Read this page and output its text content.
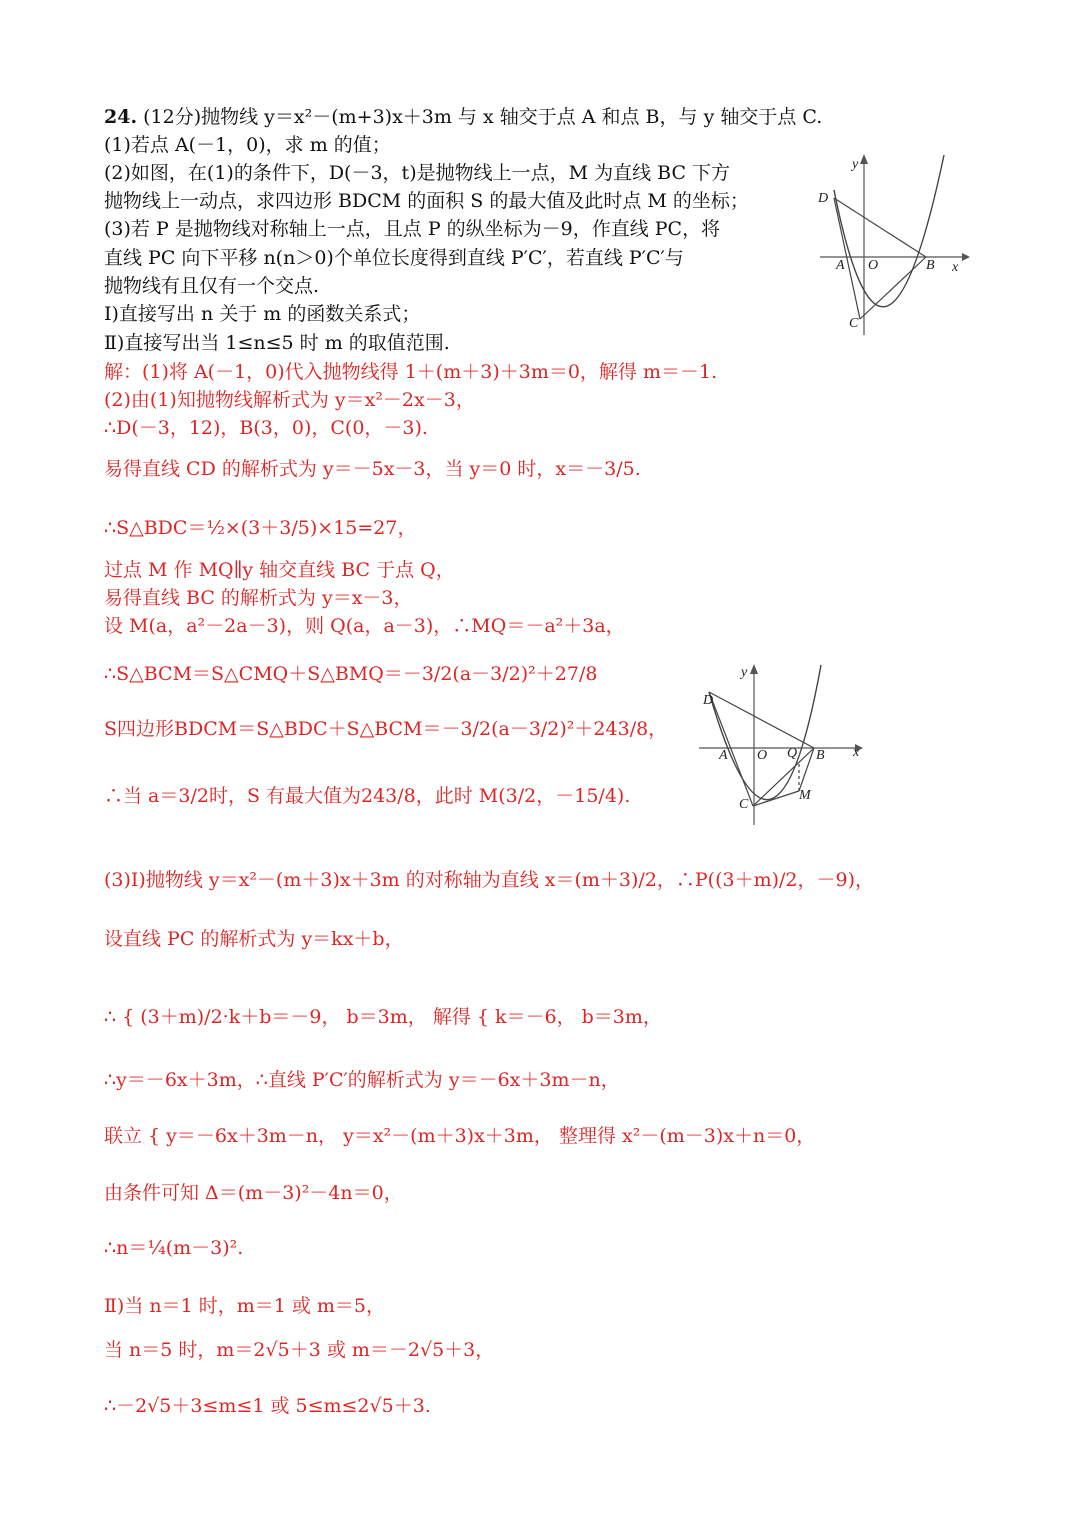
24. (12分)抛物线 y＝x²－(m+3)x＋3m 与 x 轴交于点 A 和点 B，与 y 轴交于点 C.
(1)若点 A(－1，0)，求 m 的值；
(2)如图，在(1)的条件下，D(－3，t)是抛物线上一点，M 为直线 BC 下方
抛物线上一动点，求四边形 BDCM 的面积 S 的最大值及此时点 M 的坐标；
(3)若 P 是抛物线对称轴上一点，且点 P 的纵坐标为－9，作直线 PC，将
直线 PC 向下平移 n(n＞0)个单位长度得到直线 P′C′，若直线 P′C′与
抛物线有且仅有一个交点.
Ⅰ)直接写出 n 关于 m 的函数关系式；
Ⅱ)直接写出当 1≤n≤5 时 m 的取值范围.
y
D
A O	B x
C
解：(1)将 A(－1，0)代入抛物线得 1＋(m＋3)＋3m＝0，解得 m＝－1.
(2)由(1)知抛物线解析式为 y＝x²－2x－3，
∴D(－3，12)，B(3，0)，C(0，－3).
易得直线 CD 的解析式为 y＝－5x－3，当 y＝0 时，x＝－3/5.
∴S△BDC＝½×(3＋3/5)×15=27，
过点 M 作 MQ∥y 轴交直线 BC 于点 Q，
易得直线 BC 的解析式为 y＝x－3，
设 M(a，a²－2a－3)，则 Q(a，a－3)，∴MQ＝－a²＋3a，
∴S△BCM＝S△CMQ＋S△BMQ＝－3/2(a－3/2)²＋27/8
S四边形BDCM＝S△BDC＋S△BCM＝－3/2(a－3/2)²＋243/8，
∴当 a＝3/2时，S 有最大值为243/8，此时 M(3/2，－15/4).
y
D
A O Q B x
C
M
(3)Ⅰ)抛物线 y＝x²－(m＋3)x＋3m 的对称轴为直线 x＝(m＋3)/2，∴P((3＋m)/2，－9)，
设直线 PC 的解析式为 y＝kx＋b，
∴ { (3＋m)/2·k＋b＝－9， b＝3m， 解得 { k＝－6， b＝3m，
∴y＝－6x＋3m，∴直线 P′C′的解析式为 y＝－6x＋3m－n，
联立 { y＝－6x＋3m－n， y＝x²－(m＋3)x＋3m， 整理得 x²－(m－3)x＋n＝0，
由条件可知 Δ＝(m－3)²－4n＝0，
∴n＝¼(m－3)².
Ⅱ)当 n＝1 时，m＝1 或 m＝5，
当 n＝5 时，m＝2√5＋3 或 m＝－2√5＋3，
∴－2√5＋3≤m≤1 或 5≤m≤2√5＋3.
